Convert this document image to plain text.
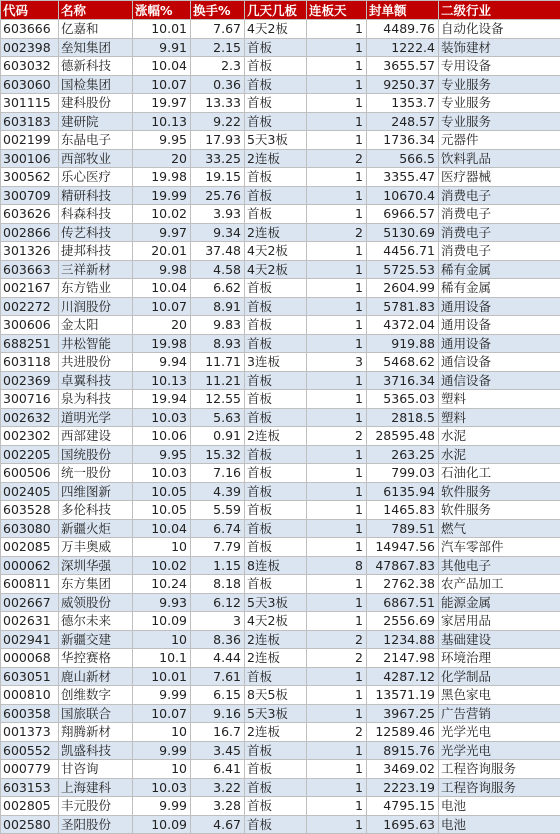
代码	名称	涨幅%	换手%	几天几板	连板天	封单额	二级行业
603666	亿嘉和	10.01	7.67	4天2板	1	4489.76	自动化设备
002398	垒知集团	9.91	2.15	首板	1	1222.4	装饰建材
603032	德新科技	10.04	2.3	首板	1	3655.57	专用设备
603060	国检集团	10.07	0.36	首板	1	9250.37	专业服务
301115	建科股份	19.97	13.33	首板	1	1353.7	专业服务
603183	建研院	10.13	9.22	首板	1	248.57	专业服务
002199	东晶电子	9.95	17.93	5天3板	1	1736.34	元器件
300106	西部牧业	20	33.25	2连板	2	566.5	饮料乳品
300562	乐心医疗	19.98	19.15	首板	1	3355.47	医疗器械
300709	精研科技	19.99	25.76	首板	1	10670.4	消费电子
603626	科森科技	10.02	3.93	首板	1	6966.57	消费电子
002866	传艺科技	9.97	9.34	2连板	2	5130.69	消费电子
301326	捷邦科技	20.01	37.48	4天2板	1	4456.71	消费电子
603663	三祥新材	9.98	4.58	4天2板	1	5725.53	稀有金属
002167	东方锆业	10.04	6.62	首板	1	2604.99	稀有金属
002272	川润股份	10.07	8.91	首板	1	5781.83	通用设备
300606	金太阳	20	9.83	首板	1	4372.04	通用设备
688251	井松智能	19.98	8.93	首板	1	919.88	通用设备
603118	共进股份	9.94	11.71	3连板	3	5468.62	通信设备
002369	卓翼科技	10.13	11.21	首板	1	3716.34	通信设备
300716	泉为科技	19.94	12.55	首板	1	5365.03	塑料
002632	道明光学	10.03	5.63	首板	1	2818.5	塑料
002302	西部建设	10.06	0.91	2连板	2	28595.48	水泥
002205	国统股份	9.95	15.32	首板	1	263.25	水泥
600506	统一股份	10.03	7.16	首板	1	799.03	石油化工
002405	四维图新	10.05	4.39	首板	1	6135.94	软件服务
603528	多伦科技	10.05	5.59	首板	1	1465.83	软件服务
603080	新疆火炬	10.04	6.74	首板	1	789.51	燃气
002085	万丰奥威	10	7.79	首板	1	14947.56	汽车零部件
000062	深圳华强	10.02	1.15	8连板	8	47867.83	其他电子
600811	东方集团	10.24	8.18	首板	1	2762.38	农产品加工
002667	威领股份	9.93	6.12	5天3板	1	6867.51	能源金属
002631	德尔未来	10.09	3	4天2板	1	2556.69	家居用品
002941	新疆交建	10	8.36	2连板	2	1234.88	基础建设
000068	华控赛格	10.1	4.44	2连板	2	2147.98	环境治理
603051	鹿山新材	10.01	7.61	首板	1	4287.12	化学制品
000810	创维数字	9.99	6.15	8天5板	1	13571.19	黑色家电
600358	国旅联合	10.07	9.16	5天3板	1	3967.25	广告营销
001373	翔腾新材	10	16.7	2连板	2	12589.46	光学光电
600552	凯盛科技	9.99	3.45	首板	1	8915.76	光学光电
000779	甘咨询	10	6.41	首板	1	3469.02	工程咨询服务
603153	上海建科	10.03	3.22	首板	1	2223.19	工程咨询服务
002805	丰元股份	9.99	3.28	首板	1	4795.15	电池
002580	圣阳股份	10.09	4.67	首板	1	1695.63	电池
